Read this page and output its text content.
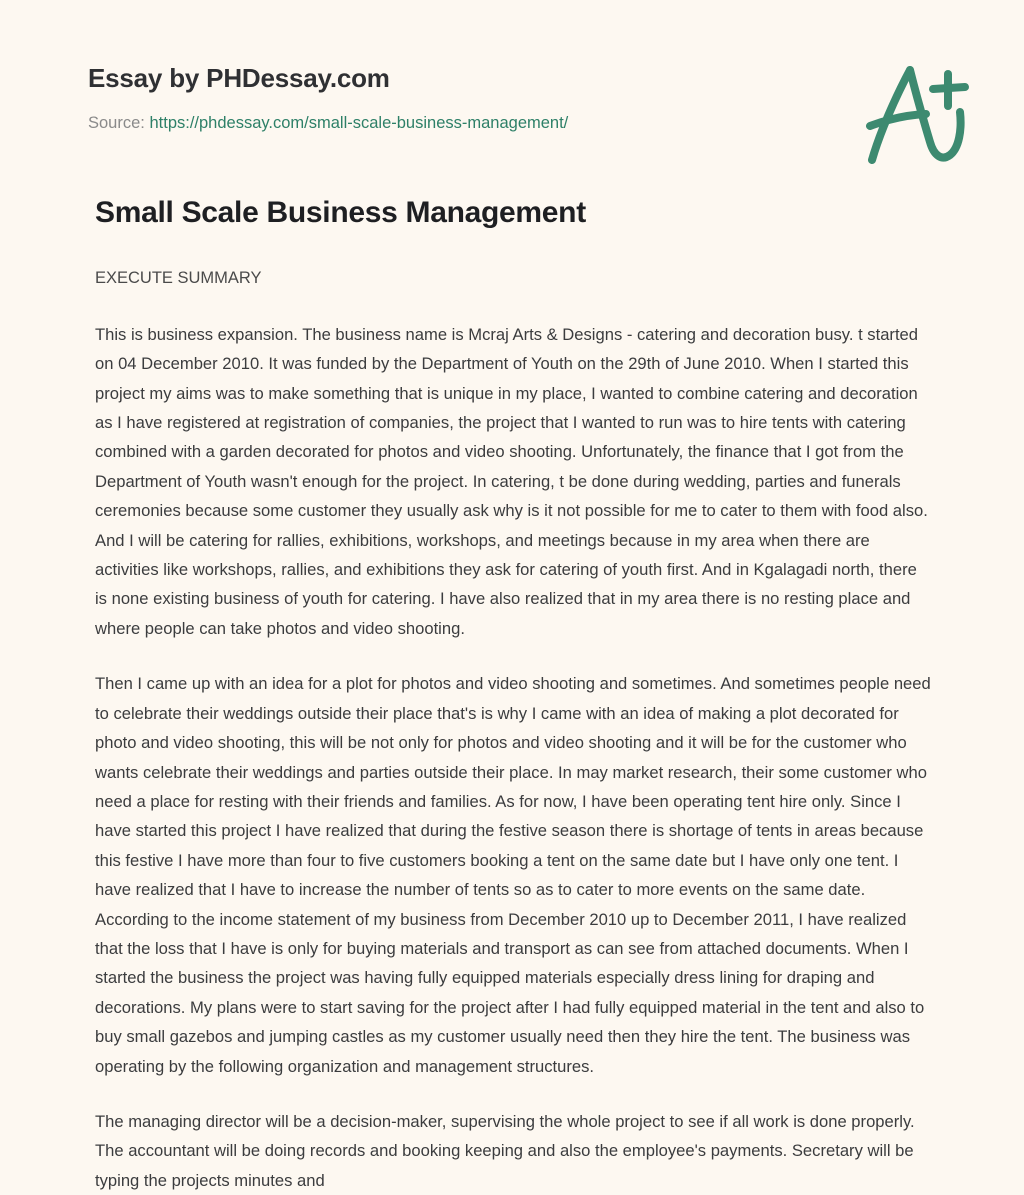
Essay by PHDessay.com
Source: https://phdessay.com/small-scale-business-management/
Small Scale Business Management

EXECUTE SUMMARY

This is business expansion. The business name is Mcraj Arts & Designs - catering and decoration busy. t started on 04 December 2010. It was funded by the Department of Youth on the 29th of June 2010. When I started this project my aims was to make something that is unique in my place, I wanted to combine catering and decoration as I have registered at registration of companies, the project that I wanted to run was to hire tents with catering combined with a garden decorated for photos and video shooting. Unfortunately, the finance that I got from the Department of Youth wasn't enough for the project. In catering, t be done during wedding, parties and funerals ceremonies because some customer they usually ask why is it not possible for me to cater to them with food also. And I will be catering for rallies, exhibitions, workshops, and meetings because in my area when there are activities like workshops, rallies, and exhibitions they ask for catering of youth first. And in Kgalagadi north, there is none existing business of youth for catering. I have also realized that in my area there is no resting place and where people can take photos and video shooting.

Then I came up with an idea for a plot for photos and video shooting and sometimes. And sometimes people need to celebrate their weddings outside their place that's is why I came with an idea of making a plot decorated for photo and video shooting, this will be not only for photos and video shooting and it will be for the customer who wants celebrate their weddings and parties outside their place. In may market research, their some customer who need a place for resting with their friends and families. As for now, I have been operating tent hire only. Since I have started this project I have realized that during the festive season there is shortage of tents in areas because this festive I have more than four to five customers booking a tent on the same date but I have only one tent. I have realized that I have to increase the number of tents so as to cater to more events on the same date. According to the income statement of my business from December 2010 up to December 2011, I have realized that the loss that I have is only for buying materials and transport as can see from attached documents. When I started the business the project was having fully equipped materials especially dress lining for draping and decorations. My plans were to start saving for the project after I had fully equipped material in the tent and also to buy small gazebos and jumping castles as my customer usually need then they hire the tent. The business was operating by the following organization and management structures.

The managing director will be a decision-maker, supervising the whole project to see if all work is done properly. The accountant will be doing records and booking keeping and also the employee's payments. Secretary will be typing the projects minutes and
